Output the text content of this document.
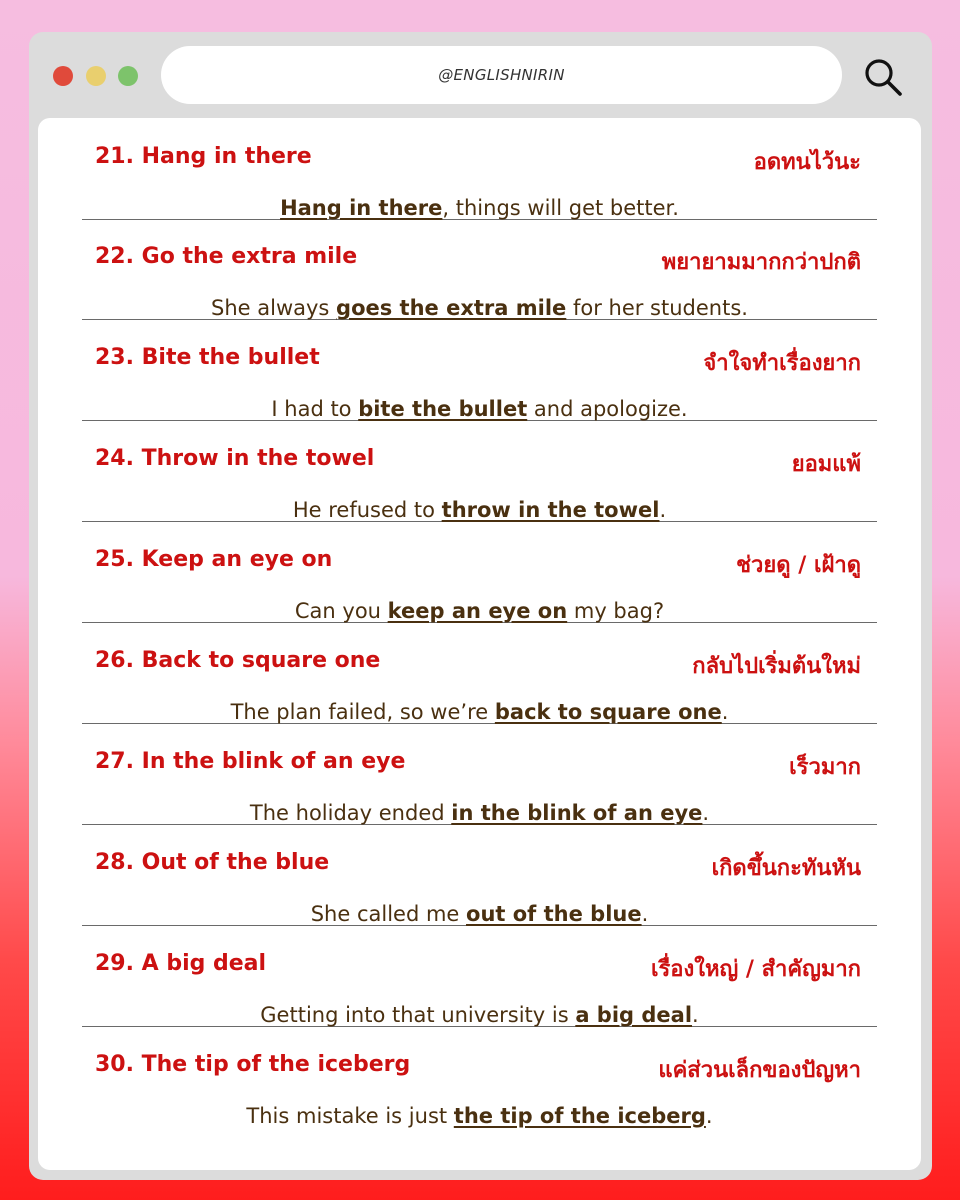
@ENGLISHNIRIN
21. Hang in there	อดทนไว้นะ
Hang in there, things will get better.
22. Go the extra mile	พยายามมากกว่าปกติ
She always goes the extra mile for her students.
23. Bite the bullet	จำใจทำเรื่องยาก
I had to bite the bullet and apologize.
24. Throw in the towel	ยอมแพ้
He refused to throw in the towel.
25. Keep an eye on	ช่วยดู / เฝ้าดู
Can you keep an eye on my bag?
26. Back to square one	กลับไปเริ่มต้นใหม่
The plan failed, so we’re back to square one.
27. In the blink of an eye	เร็วมาก
The holiday ended in the blink of an eye.
28. Out of the blue	เกิดขึ้นกะทันหัน
She called me out of the blue.
29. A big deal	เรื่องใหญ่ / สำคัญมาก
Getting into that university is a big deal.
30. The tip of the iceberg	แค่ส่วนเล็กของปัญหา
This mistake is just the tip of the iceberg.
